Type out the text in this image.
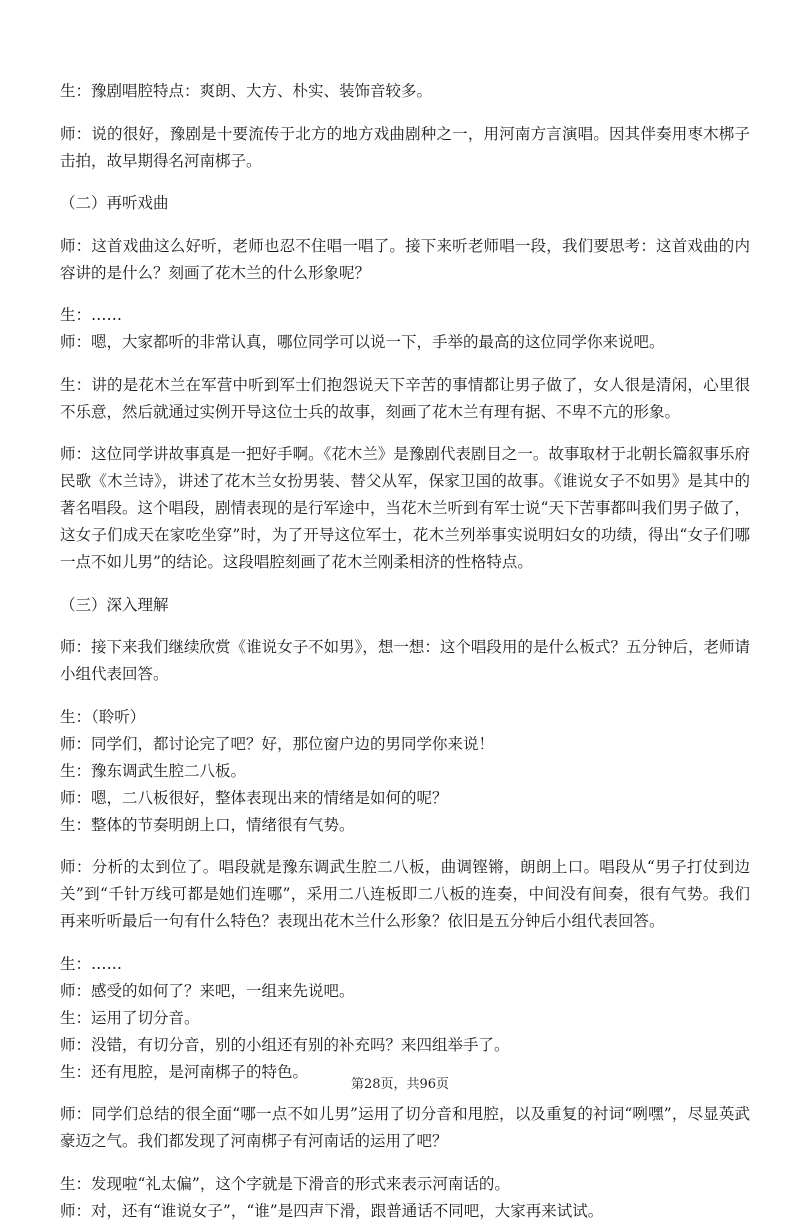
生：豫剧唱腔特点：爽朗、大方、朴实、装饰音较多。

师：说的很好，豫剧是十要流传于北方的地方戏曲剧种之一，用河南方言演唱。因其伴奏用枣木梆子击拍，故早期得名河南梆子。

（二）再听戏曲

师：这首戏曲这么好听，老师也忍不住唱一唱了。接下来听老师唱一段，我们要思考：这首戏曲的内容讲的是什么？刻画了花木兰的什么形象呢？

生：……

师：嗯，大家都听的非常认真，哪位同学可以说一下，手举的最高的这位同学你来说吧。

生：讲的是花木兰在军营中听到军士们抱怨说天下辛苦的事情都让男子做了，女人很是清闲，心里很不乐意，然后就通过实例开导这位士兵的故事，刻画了花木兰有理有据、不卑不亢的形象。

师：这位同学讲故事真是一把好手啊。《花木兰》是豫剧代表剧目之一。故事取材于北朝长篇叙事乐府民歌《木兰诗》，讲述了花木兰女扮男装、替父从军，保家卫国的故事。《谁说女子不如男》是其中的著名唱段。这个唱段，剧情表现的是行军途中，当花木兰听到有军士说“天下苦事都叫我们男子做了，这女子们成天在家吃坐穿”时，为了开导这位军士，花木兰列举事实说明妇女的功绩，得出“女子们哪一点不如儿男”的结论。这段唱腔刻画了花木兰刚柔相济的性格特点。

（三）深入理解

师：接下来我们继续欣赏《谁说女子不如男》，想一想：这个唱段用的是什么板式？五分钟后，老师请小组代表回答。

生：（聆听）

师：同学们，都讨论完了吧？好，那位窗户边的男同学你来说！

生：豫东调武生腔二八板。

师：嗯，二八板很好，整体表现出来的情绪是如何的呢？

生：整体的节奏明朗上口，情绪很有气势。

师：分析的太到位了。唱段就是豫东调武生腔二八板，曲调铿锵，朗朗上口。唱段从“男子打仗到边关”到“千针万线可都是她们连哪”，采用二八连板即二八板的连奏，中间没有间奏，很有气势。我们再来听听最后一句有什么特色？表现出花木兰什么形象？依旧是五分钟后小组代表回答。

生：……

师：感受的如何了？来吧，一组来先说吧。

生：运用了切分音。

师：没错，有切分音，别的小组还有别的补充吗？来四组举手了。

生：还有甩腔，是河南梆子的特色。

师：同学们总结的很全面“哪一点不如儿男”运用了切分音和甩腔，以及重复的衬词“咧嘿”，尽显英武豪迈之气。我们都发现了河南梆子有河南话的运用了吧？

生：发现啦“礼太偏”，这个字就是下滑音的形式来表示河南话的。

师：对，还有“谁说女子”，“谁”是四声下滑，跟普通话不同吧，大家再来试试。

第28页，共96页
